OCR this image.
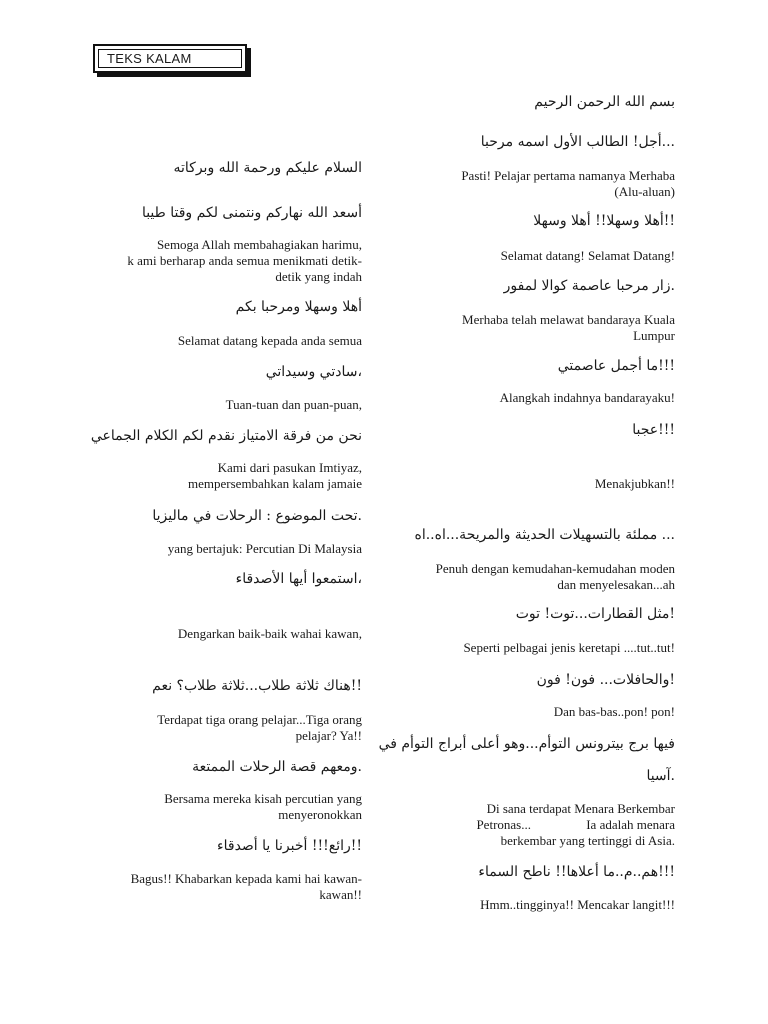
TEKS KALAM
بسم الله الرحمن الرحيم
...أجل! الطالب الأول اسمه مرحبا
Pasti! Pelajar pertama namanya Merhaba
(Alu-aluan)
!!أهلا وسهلا!! أهلا وسهلا
Selamat datang! Selamat Datang!
.زار مرحبا عاصمة كوالا لمفور
Merhaba telah melawat bandaraya Kuala
Lumpur
!!!ما أجمل عاصمتي
Alangkah indahnya bandarayaku!
!!!عجبا
Menakjubkan!!
... مملئة بالتسهيلات الحديثة والمريحة...اه..اه
Penuh dengan kemudahan-kemudahan moden
dan menyelesakan...ah
!مثل القطارات...توت! توت
Seperti pelbagai jenis keretapi ....tut..tut!
!والحافلات... فون! فون
Dan bas-bas..pon! pon!
فيها برج بيترونس التوأم...وهو أعلى أبراج التوأم في
.آسيا
Di sana terdapat Menara Berkembar
Petronas...                 Ia adalah menara
berkembar yang tertinggi di Asia.
!!!هم..م..ما أعلاها!! ناطح السماء
Hmm..tingginya!! Mencakar langit!!!
السلام عليكم ورحمة الله وبركاته
أسعد الله نهاركم ونتمنى لكم وقتا طيبا
Semoga Allah membahagiakan harimu,
k ami berharap anda semua menikmati detik-
detik yang indah
أهلا وسهلا ومرحبا بكم
Selamat datang kepada anda semua
،سادتي وسيداتي
Tuan-tuan dan puan-puan,
نحن من فرقة الامتياز نقدم لكم الكلام الجماعي
Kami dari pasukan Imtiyaz,
mempersembahkan kalam jamaie
.تحت الموضوع : الرحلات في ماليزيا
yang bertajuk: Percutian Di Malaysia
،استمعوا أيها الأصدقاء
Dengarkan baik-baik wahai kawan,
!!هناك ثلاثة طلاب...ثلاثة طلاب؟ نعم
Terdapat tiga orang pelajar...Tiga orang
pelajar? Ya!!
.ومعهم قصة الرحلات الممتعة
Bersama mereka kisah percutian yang
menyeronokkan
!!رائع!!! أخبرنا يا أصدقاء
Bagus!! Khabarkan kepada kami hai kawan-
kawan!!
